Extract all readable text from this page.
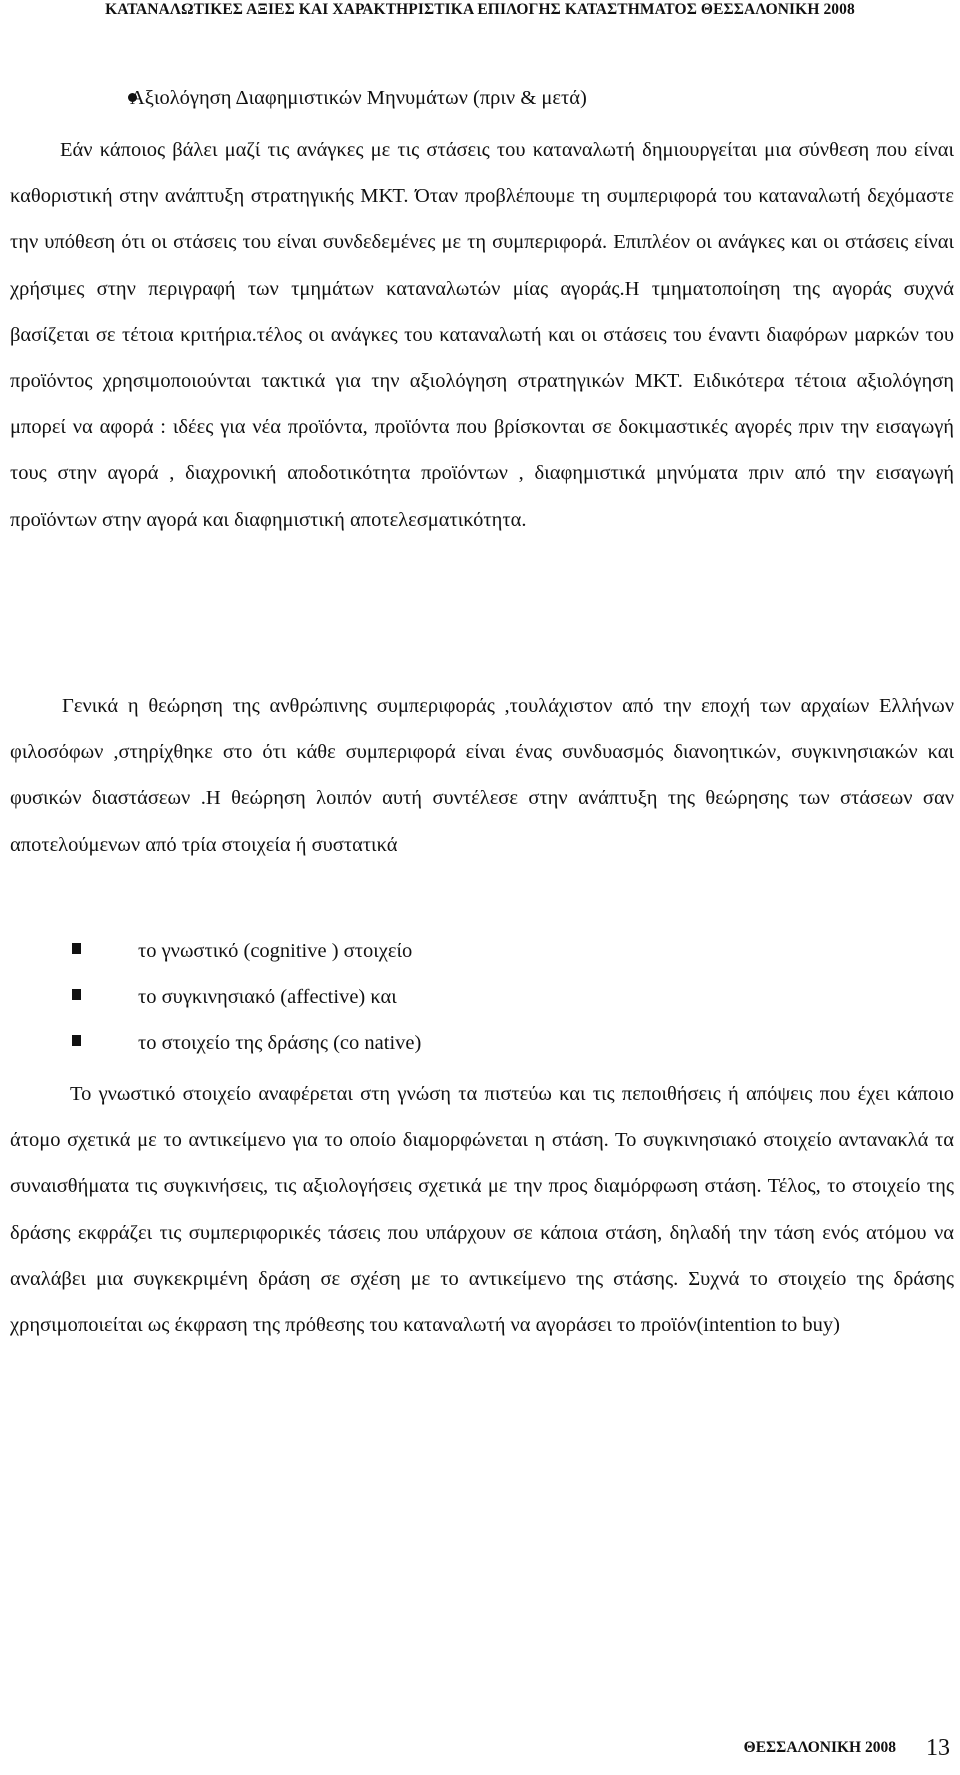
ΚΑΤΑΝΑΛΩΤΙΚΕΣ ΑΞΙΕΣ ΚΑΙ ΧΑΡΑΚΤΗΡΙΣΤΙΚΑ ΕΠΙΛΟΓΗΣ ΚΑΤΑΣΤΗΜΑΤΟΣ ΘΕΣΣΑΛΟΝΙΚΗ 2008
Αξιολόγηση Διαφημιστικών Μηνυμάτων (πριν & μετά)

Εάν κάποιος βάλει μαζί τις ανάγκες με τις στάσεις του καταναλωτή δημιουργείται μια σύνθεση που είναι καθοριστική στην ανάπτυξη στρατηγικής ΜΚΤ. Όταν προβλέπουμε τη συμπεριφορά του καταναλωτή δεχόμαστε την υπόθεση ότι οι στάσεις του είναι συνδεδεμένες με τη συμπεριφορά. Επιπλέον οι ανάγκες και οι στάσεις είναι χρήσιμες στην περιγραφή των τμημάτων καταναλωτών μίας αγοράς.Η τμηματοποίηση της αγοράς συχνά βασίζεται σε τέτοια κριτήρια.τέλος οι ανάγκες του καταναλωτή και οι στάσεις του έναντι διαφόρων μαρκών του προϊόντος χρησιμοποιούνται τακτικά για την αξιολόγηση στρατηγικών ΜΚΤ. Ειδικότερα τέτοια αξιολόγηση μπορεί να αφορά : ιδέες για νέα προϊόντα, προϊόντα που βρίσκονται σε δοκιμαστικές αγορές πριν την εισαγωγή τους στην αγορά , διαχρονική αποδοτικότητα προϊόντων , διαφημιστικά μηνύματα πριν από την εισαγωγή προϊόντων στην αγορά και διαφημιστική αποτελεσματικότητα.

Γενικά η θεώρηση της ανθρώπινης συμπεριφοράς ,τουλάχιστον από την εποχή των αρχαίων Ελλήνων φιλοσόφων ,στηρίχθηκε στο ότι κάθε συμπεριφορά είναι ένας συνδυασμός διανοητικών, συγκινησιακών και φυσικών διαστάσεων .Η θεώρηση λοιπόν αυτή συντέλεσε στην ανάπτυξη της θεώρησης των στάσεων σαν αποτελούμενων από τρία στοιχεία ή συστατικά

το γνωστικό (cognitive ) στοιχείο
το συγκινησιακό (affective) και
το στοιχείο της δράσης (co native)

Το γνωστικό στοιχείο αναφέρεται στη γνώση τα πιστεύω και τις πεποιθήσεις ή απόψεις που έχει κάποιο άτομο σχετικά με το αντικείμενο για το οποίο διαμορφώνεται η στάση. Το συγκινησιακό στοιχείο αντανακλά τα συναισθήματα τις συγκινήσεις, τις αξιολογήσεις σχετικά με την προς διαμόρφωση στάση. Τέλος, το στοιχείο της δράσης εκφράζει τις συμπεριφορικές τάσεις που υπάρχουν σε κάποια στάση, δηλαδή την τάση ενός ατόμου να αναλάβει μια συγκεκριμένη δράση σε σχέση με το αντικείμενο της στάσης. Συχνά το στοιχείο της δράσης χρησιμοποιείται ως έκφραση της πρόθεσης του καταναλωτή να αγοράσει το προϊόν(intention to buy)

ΘΕΣΣΑΛΟΝΙΚΗ 2008 13
